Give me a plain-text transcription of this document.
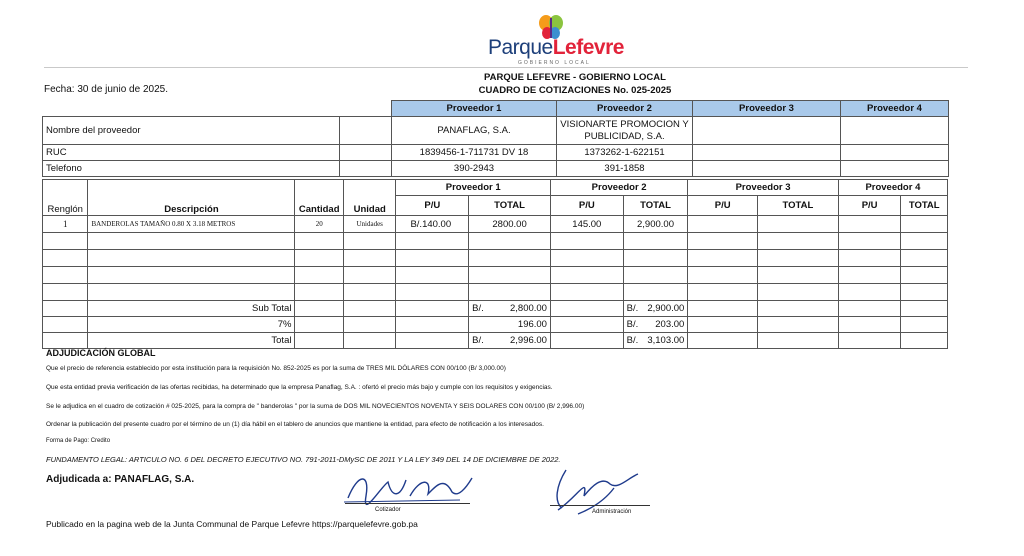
ParqueLefevre
GOBIERNO LOCAL
PARQUE LEFEVRE - GOBIERNO LOCAL
CUADRO DE COTIZACIONES No. 025-2025
Fecha: 30 de junio de 2025.
		Proveedor 1	Proveedor 2	Proveedor 3	Proveedor 4
Nombre del proveedor		PANAFLAG, S.A.	VISIONARTE PROMOCION Y
PUBLICIDAD, S.A.		

RUC		1839456-1-711731 DV 18	1373262-1-622151		
Telefono		390-2943	391-1858		
Renglón	Descripción	Cantidad	Unidad	Proveedor 1		Proveedor 2		Proveedor 3		Proveedor 4	
				P/U	TOTAL	P/U	TOTAL	P/U	TOTAL	P/U	TOTAL
1	BANDEROLAS TAMAÑO 0.80 X 3.18 METROS	20	Unidades	B/.140.00	2800.00	145.00	2,900.00				

	Sub Total				B/. 2,800.00		B/. 2,900.00				

	7%				196.00		B/. 203.00				

	Total				B/. 2,996.00		B/. 3,103.00				

ADJUDICACIÓN GLOBAL
Que el precio de referencia establecido por esta institución para la requisición No. 852-2025 es por la suma de TRES MIL DÓLARES CON 00/100 (B/ 3,000.00)
Que esta entidad previa verificación de las ofertas recibidas, ha determinado que la empresa Panaflag, S.A. : ofertó el precio más bajo y cumple con los requisitos y exigencias.
Se le adjudica en el cuadro de cotización # 025-2025, para la compra de " banderolas " por la suma de DOS MIL NOVECIENTOS NOVENTA Y SEIS DOLARES CON 00/100 (B/ 2,996.00)
Ordenar la publicación del presente cuadro por el término de un (1) día hábil en el tablero de anuncios que mantiene la entidad, para efecto de notificación a los interesados.
Forma de Pago: Credito
FUNDAMENTO LEGAL: ARTICULO NO. 6 DEL DECRETO EJECUTIVO NO. 791-2011-DMySC DE 2011 Y LA LEY 349 DEL 14 DE DICIEMBRE DE 2022.
Adjudicada a: PANAFLAG, S.A.
Cotizador	Administración
Publicado en la pagina web de la Junta Communal de Parque Lefevre https://parquelefevre.gob.pa
